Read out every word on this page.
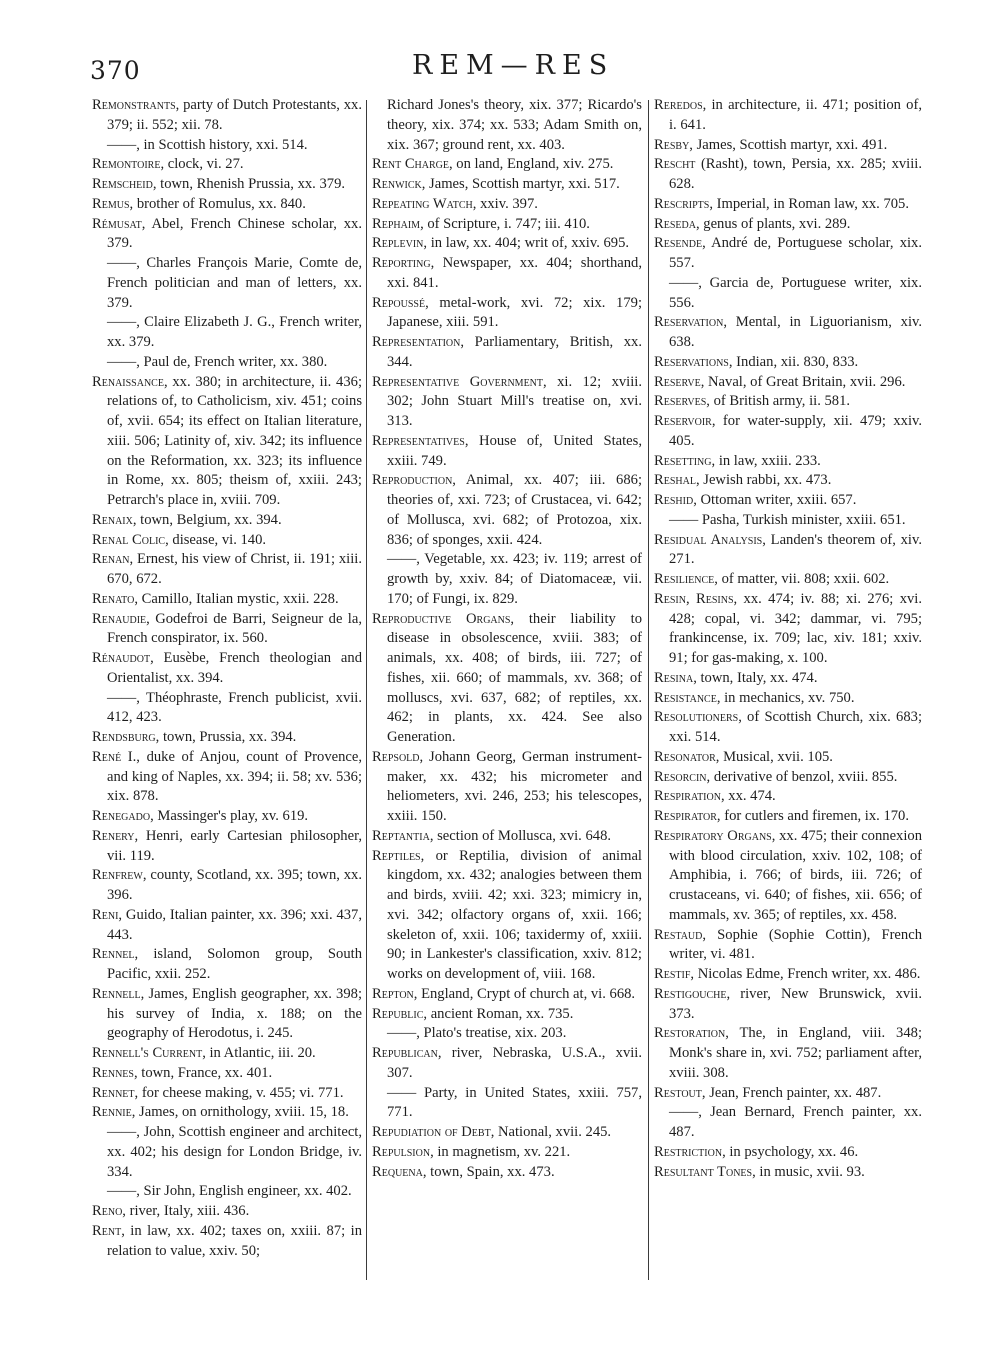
370	REM—RES

Remonstrants, party of Dutch Protestants, xx. 379; ii. 552; xii. 78.

——, in Scottish history, xxi. 514.

Remontoire, clock, vi. 27.

Remscheid, town, Rhenish Prussia, xx. 379.

Remus, brother of Romulus, xx. 840.

Rémusat, Abel, French Chinese scholar, xx. 379.

——, Charles François Marie, Comte de, French politician and man of letters, xx. 379.

——, Claire Elizabeth J. G., French writer, xx. 379.

——, Paul de, French writer, xx. 380.

Renaissance, xx. 380; in architecture, ii. 436; relations of, to Catholicism, xiv. 451; coins of, xvii. 654; its effect on Italian literature, xiii. 506; Latinity of, xiv. 342; its influence on the Reformation, xx. 323; its influence in Rome, xx. 805; theism of, xxiii. 243; Petrarch's place in, xviii. 709.

Renaix, town, Belgium, xx. 394.

Renal Colic, disease, vi. 140.

Renan, Ernest, his view of Christ, ii. 191; xiii. 670, 672.

Renato, Camillo, Italian mystic, xxii. 228.

Renaudie, Godefroi de Barri, Seigneur de la, French conspirator, ix. 560.

Rénaudot, Eusèbe, French theologian and Orientalist, xx. 394.

——, Théophraste, French publicist, xvii. 412, 423.

Rendsburg, town, Prussia, xx. 394.

René I., duke of Anjou, count of Provence, and king of Naples, xx. 394; ii. 58; xv. 536; xix. 878.

Renegado, Massinger's play, xv. 619.

Renery, Henri, early Cartesian philosopher, vii. 119.

Renfrew, county, Scotland, xx. 395; town, xx. 396.

Reni, Guido, Italian painter, xx. 396; xxi. 437, 443.

Rennel, island, Solomon group, South Pacific, xxii. 252.

Rennell, James, English geographer, xx. 398; his survey of India, x. 188; on the geography of Herodotus, i. 245.

Rennell's Current, in Atlantic, iii. 20.

Rennes, town, France, xx. 401.

Rennet, for cheese making, v. 455; vi. 771.

Rennie, James, on ornithology, xviii. 15, 18.

——, John, Scottish engineer and architect, xx. 402; his design for London Bridge, iv. 334.

——, Sir John, English engineer, xx. 402.

Reno, river, Italy, xiii. 436.

Rent, in law, xx. 402; taxes on, xxiii. 87; in relation to value, xxiv. 50;

Richard Jones's theory, xix. 377; Ricardo's theory, xix. 374; xx. 533; Adam Smith on, xix. 367; ground rent, xx. 403.

Rent Charge, on land, England, xiv. 275.

Renwick, James, Scottish martyr, xxi. 517.

Repeating Watch, xxiv. 397.

Rephaim, of Scripture, i. 747; iii. 410.

Replevin, in law, xx. 404; writ of, xxiv. 695.

Reporting, Newspaper, xx. 404; shorthand, xxi. 841.

Repoussé, metal-work, xvi. 72; xix. 179; Japanese, xiii. 591.

Representation, Parliamentary, British, xx. 344.

Representative Government, xi. 12; xviii. 302; John Stuart Mill's treatise on, xvi. 313.

Representatives, House of, United States, xxiii. 749.

Reproduction, Animal, xx. 407; iii. 686; theories of, xxi. 723; of Crustacea, vi. 642; of Mollusca, xvi. 682; of Protozoa, xix. 836; of sponges, xxii. 424.

——, Vegetable, xx. 423; iv. 119; arrest of growth by, xxiv. 84; of Diatomaceæ, vii. 170; of Fungi, ix. 829.

Reproductive Organs, their liability to disease in obsolescence, xviii. 383; of animals, xx. 408; of birds, iii. 727; of fishes, xii. 660; of mammals, xv. 368; of molluscs, xvi. 637, 682; of reptiles, xx. 462; in plants, xx. 424. See also Generation.

Repsold, Johann Georg, German instrument-maker, xx. 432; his micrometer and heliometers, xvi. 246, 253; his telescopes, xxiii. 150.

Reptantia, section of Mollusca, xvi. 648.

Reptiles, or Reptilia, division of animal kingdom, xx. 432; analogies between them and birds, xviii. 42; xxi. 323; mimicry in, xvi. 342; olfactory organs of, xxii. 166; skeleton of, xxii. 106; taxidermy of, xxiii. 90; in Lankester's classification, xxiv. 812; works on development of, viii. 168.

Repton, England, Crypt of church at, vi. 668.

Republic, ancient Roman, xx. 735.

——, Plato's treatise, xix. 203.

Republican, river, Nebraska, U.S.A., xvii. 307.

—— Party, in United States, xxiii. 757, 771.

Repudiation of Debt, National, xvii. 245.

Repulsion, in magnetism, xv. 221.

Requena, town, Spain, xx. 473.

Reredos, in architecture, ii. 471; position of, i. 641.

Resby, James, Scottish martyr, xxi. 491.

Rescht (Rasht), town, Persia, xx. 285; xviii. 628.

Rescripts, Imperial, in Roman law, xx. 705.

Reseda, genus of plants, xvi. 289.

Resende, André de, Portuguese scholar, xix. 557.

——, Garcia de, Portuguese writer, xix. 556.

Reservation, Mental, in Liguorianism, xiv. 638.

Reservations, Indian, xii. 830, 833.

Reserve, Naval, of Great Britain, xvii. 296.

Reserves, of British army, ii. 581.

Reservoir, for water-supply, xii. 479; xxiv. 405.

Resetting, in law, xxiii. 233.

Reshal, Jewish rabbi, xx. 473.

Reshid, Ottoman writer, xxiii. 657.

—— Pasha, Turkish minister, xxiii. 651.

Residual Analysis, Landen's theorem of, xiv. 271.

Resilience, of matter, vii. 808; xxii. 602.

Resin, Resins, xx. 474; iv. 88; xi. 276; xvi. 428; copal, vi. 342; dammar, vi. 795; frankincense, ix. 709; lac, xiv. 181; xxiv. 91; for gas-making, x. 100.

Resina, town, Italy, xx. 474.

Resistance, in mechanics, xv. 750.

Resolutioners, of Scottish Church, xix. 683; xxi. 514.

Resonator, Musical, xvii. 105.

Resorcin, derivative of benzol, xviii. 855.

Respiration, xx. 474.

Respirator, for cutlers and firemen, ix. 170.

Respiratory Organs, xx. 475; their connexion with blood circulation, xxiv. 102, 108; of Amphibia, i. 766; of birds, iii. 726; of crustaceans, vi. 640; of fishes, xii. 656; of mammals, xv. 365; of reptiles, xx. 458.

Restaud, Sophie (Sophie Cottin), French writer, vi. 481.

Restif, Nicolas Edme, French writer, xx. 486.

Restigouche, river, New Brunswick, xvii. 373.

Restoration, The, in England, viii. 348; Monk's share in, xvi. 752; parliament after, xviii. 308.

Restout, Jean, French painter, xx. 487.

——, Jean Bernard, French painter, xx. 487.

Restriction, in psychology, xx. 46.

Resultant Tones, in music, xvii. 93.
